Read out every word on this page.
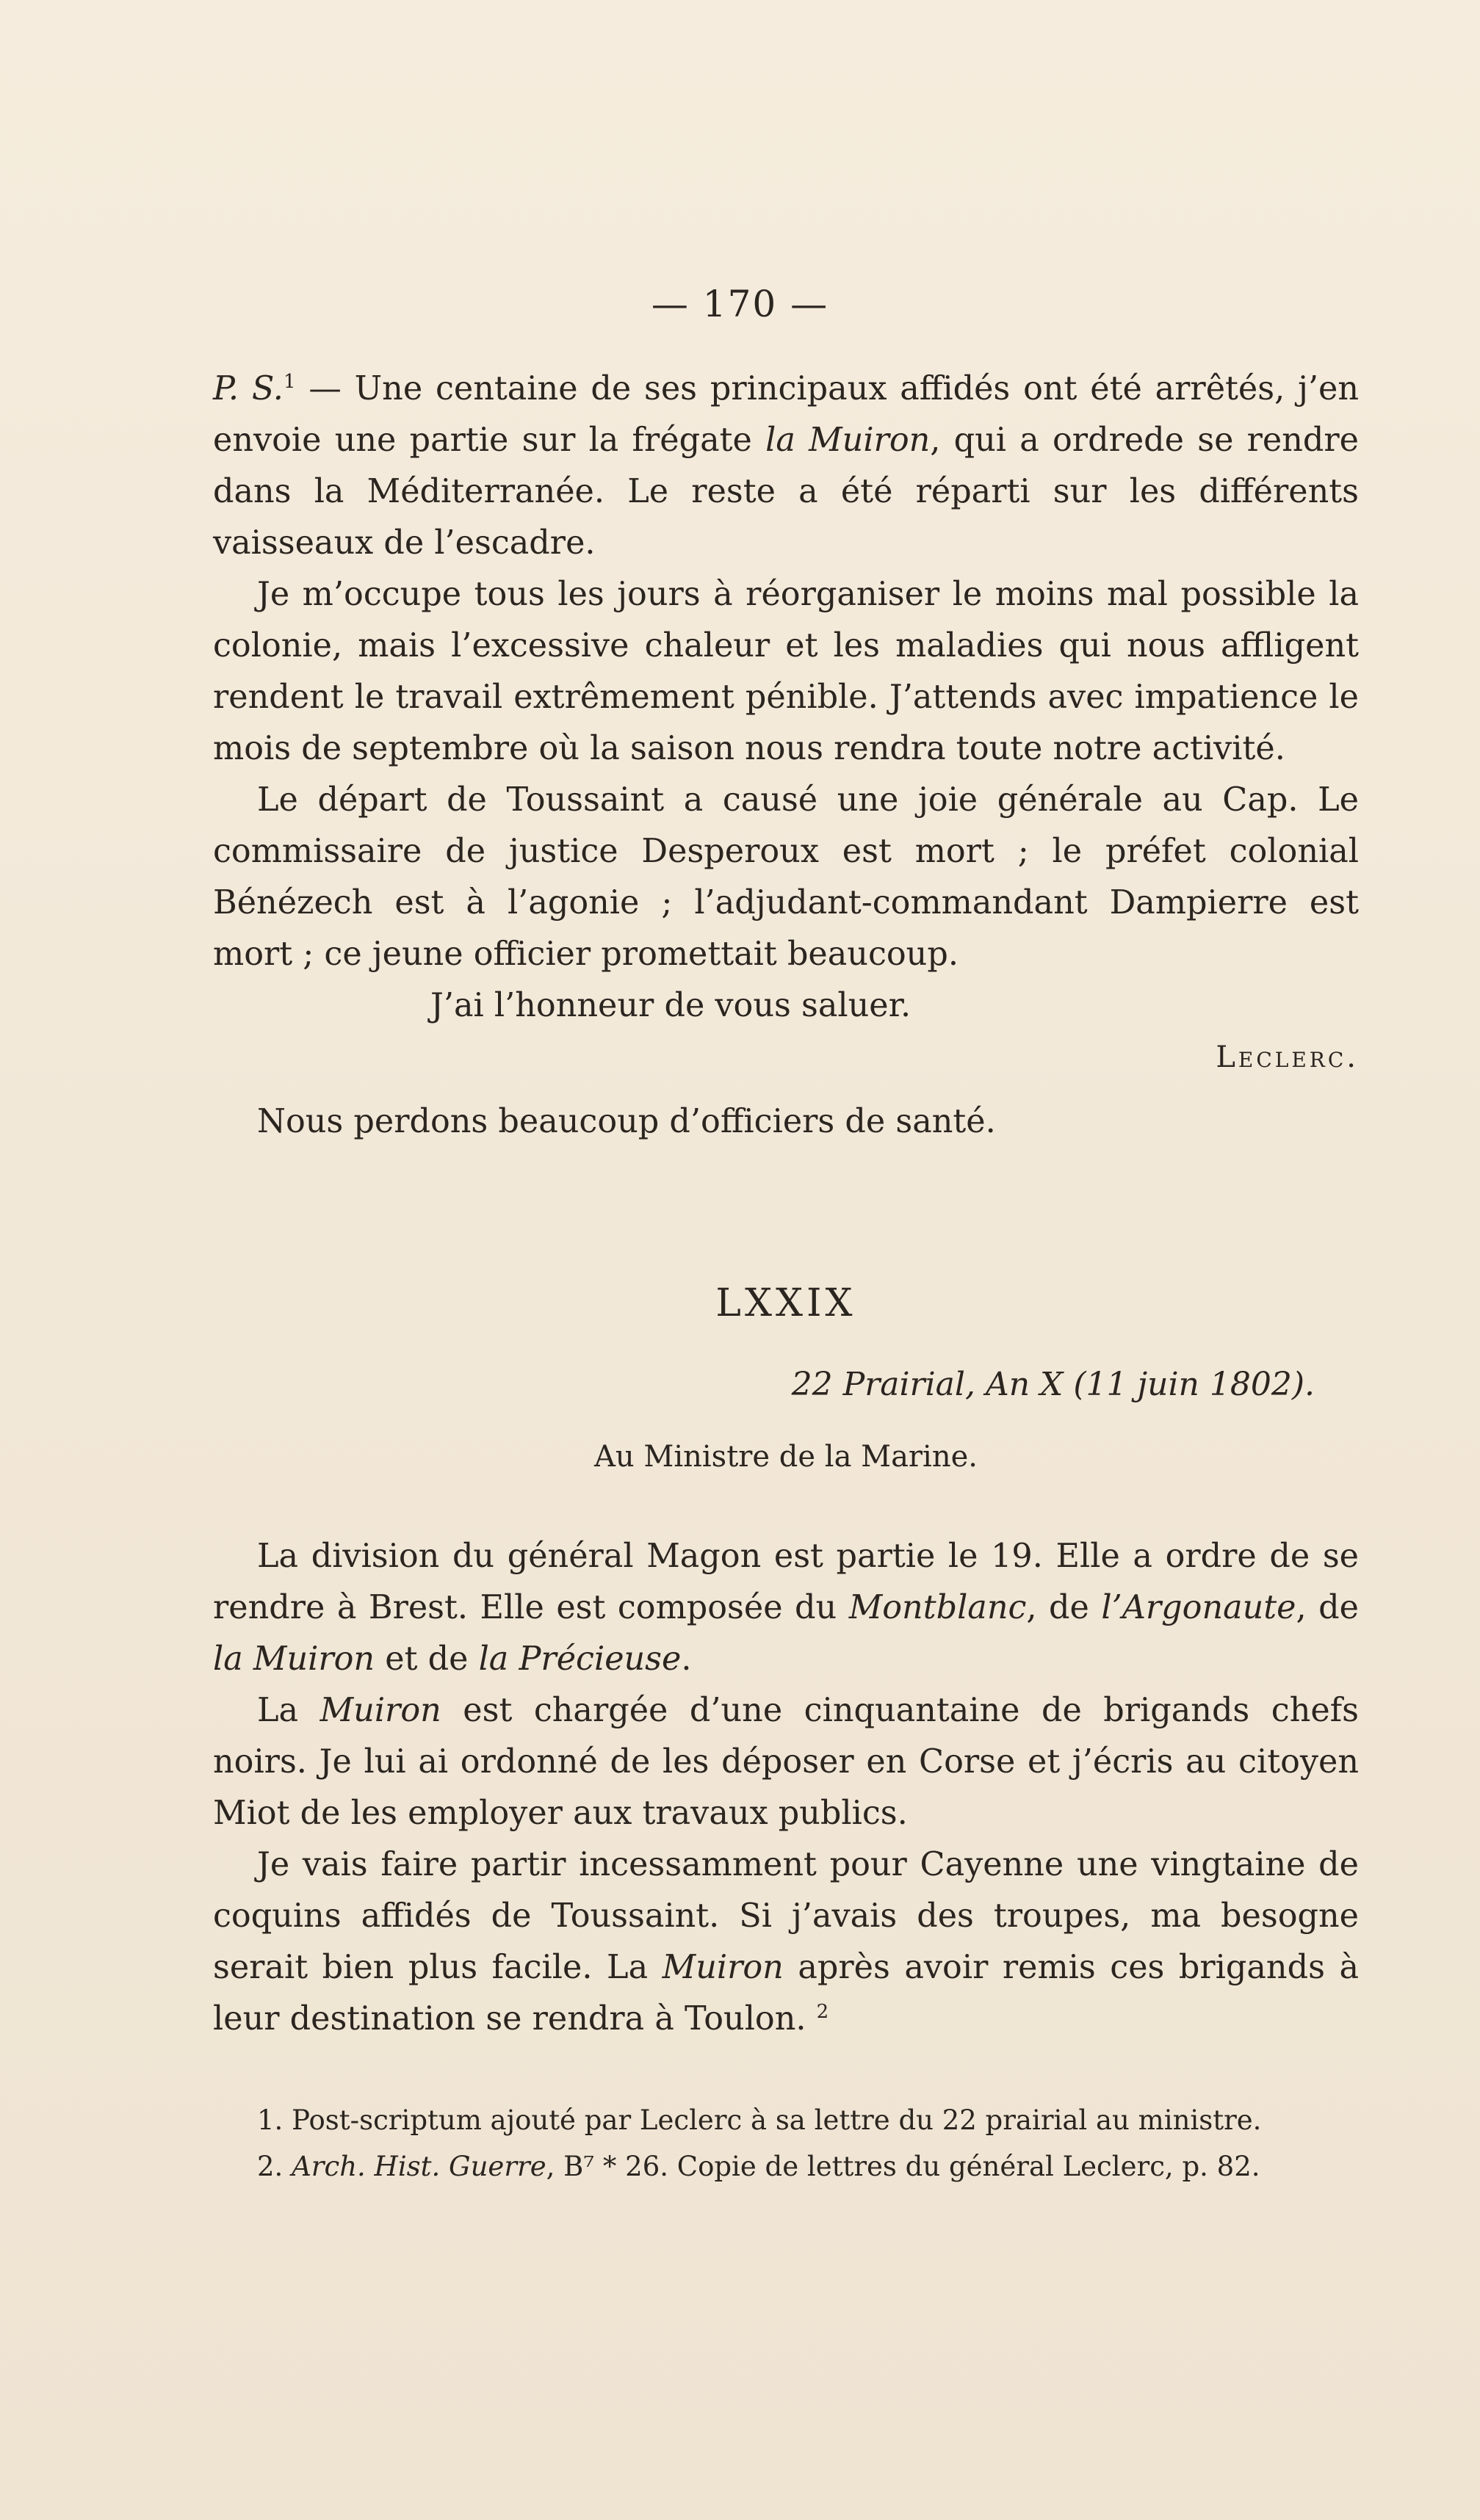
— 170 —

P. S.$^1$ — Une centaine de ses principaux affidés ont été arrêtés, j’en envoie une partie sur la frégate la Muiron, qui a ordrede se rendre dans la Méditerranée. Le reste a été réparti sur les différents vaisseaux de l’escadre.

Je m’occupe tous les jours à réorganiser le moins mal possible la colonie, mais l’excessive chaleur et les maladies qui nous affligent rendent le travail extrêmement pénible. J’attends avec impatience le mois de septembre où la saison nous rendra toute notre activité.

Le départ de Toussaint a causé une joie générale au Cap. Le commissaire de justice Desperoux est mort ; le préfet colonial Bénézech est à l’agonie ; l’adjudant-commandant Dampierre est mort ; ce jeune officier promettait beaucoup.

J’ai l’honneur de vous saluer.

Leclerc.

Nous perdons beaucoup d’officiers de santé.

LXXIX

22 Prairial, An X (11 juin 1802).

Au Ministre de la Marine.

La division du général Magon est partie le 19. Elle a ordre de se rendre à Brest. Elle est composée du Montblanc, de l’Argonaute, de la Muiron et de la Précieuse.

La Muiron est chargée d’une cinquantaine de brigands chefs noirs. Je lui ai ordonné de les déposer en Corse et j’écris au citoyen Miot de les employer aux travaux publics.

Je vais faire partir incessamment pour Cayenne une vingtaine de coquins affidés de Toussaint. Si j’avais des troupes, ma besogne serait bien plus facile. La Muiron après avoir remis ces brigands à leur destination se rendra à Toulon. $^2$

1. Post-scriptum ajouté par Leclerc à sa lettre du 22 prairial au ministre.

2. Arch. Hist. Guerre, B⁷ * 26. Copie de lettres du général Leclerc, p. 82.
